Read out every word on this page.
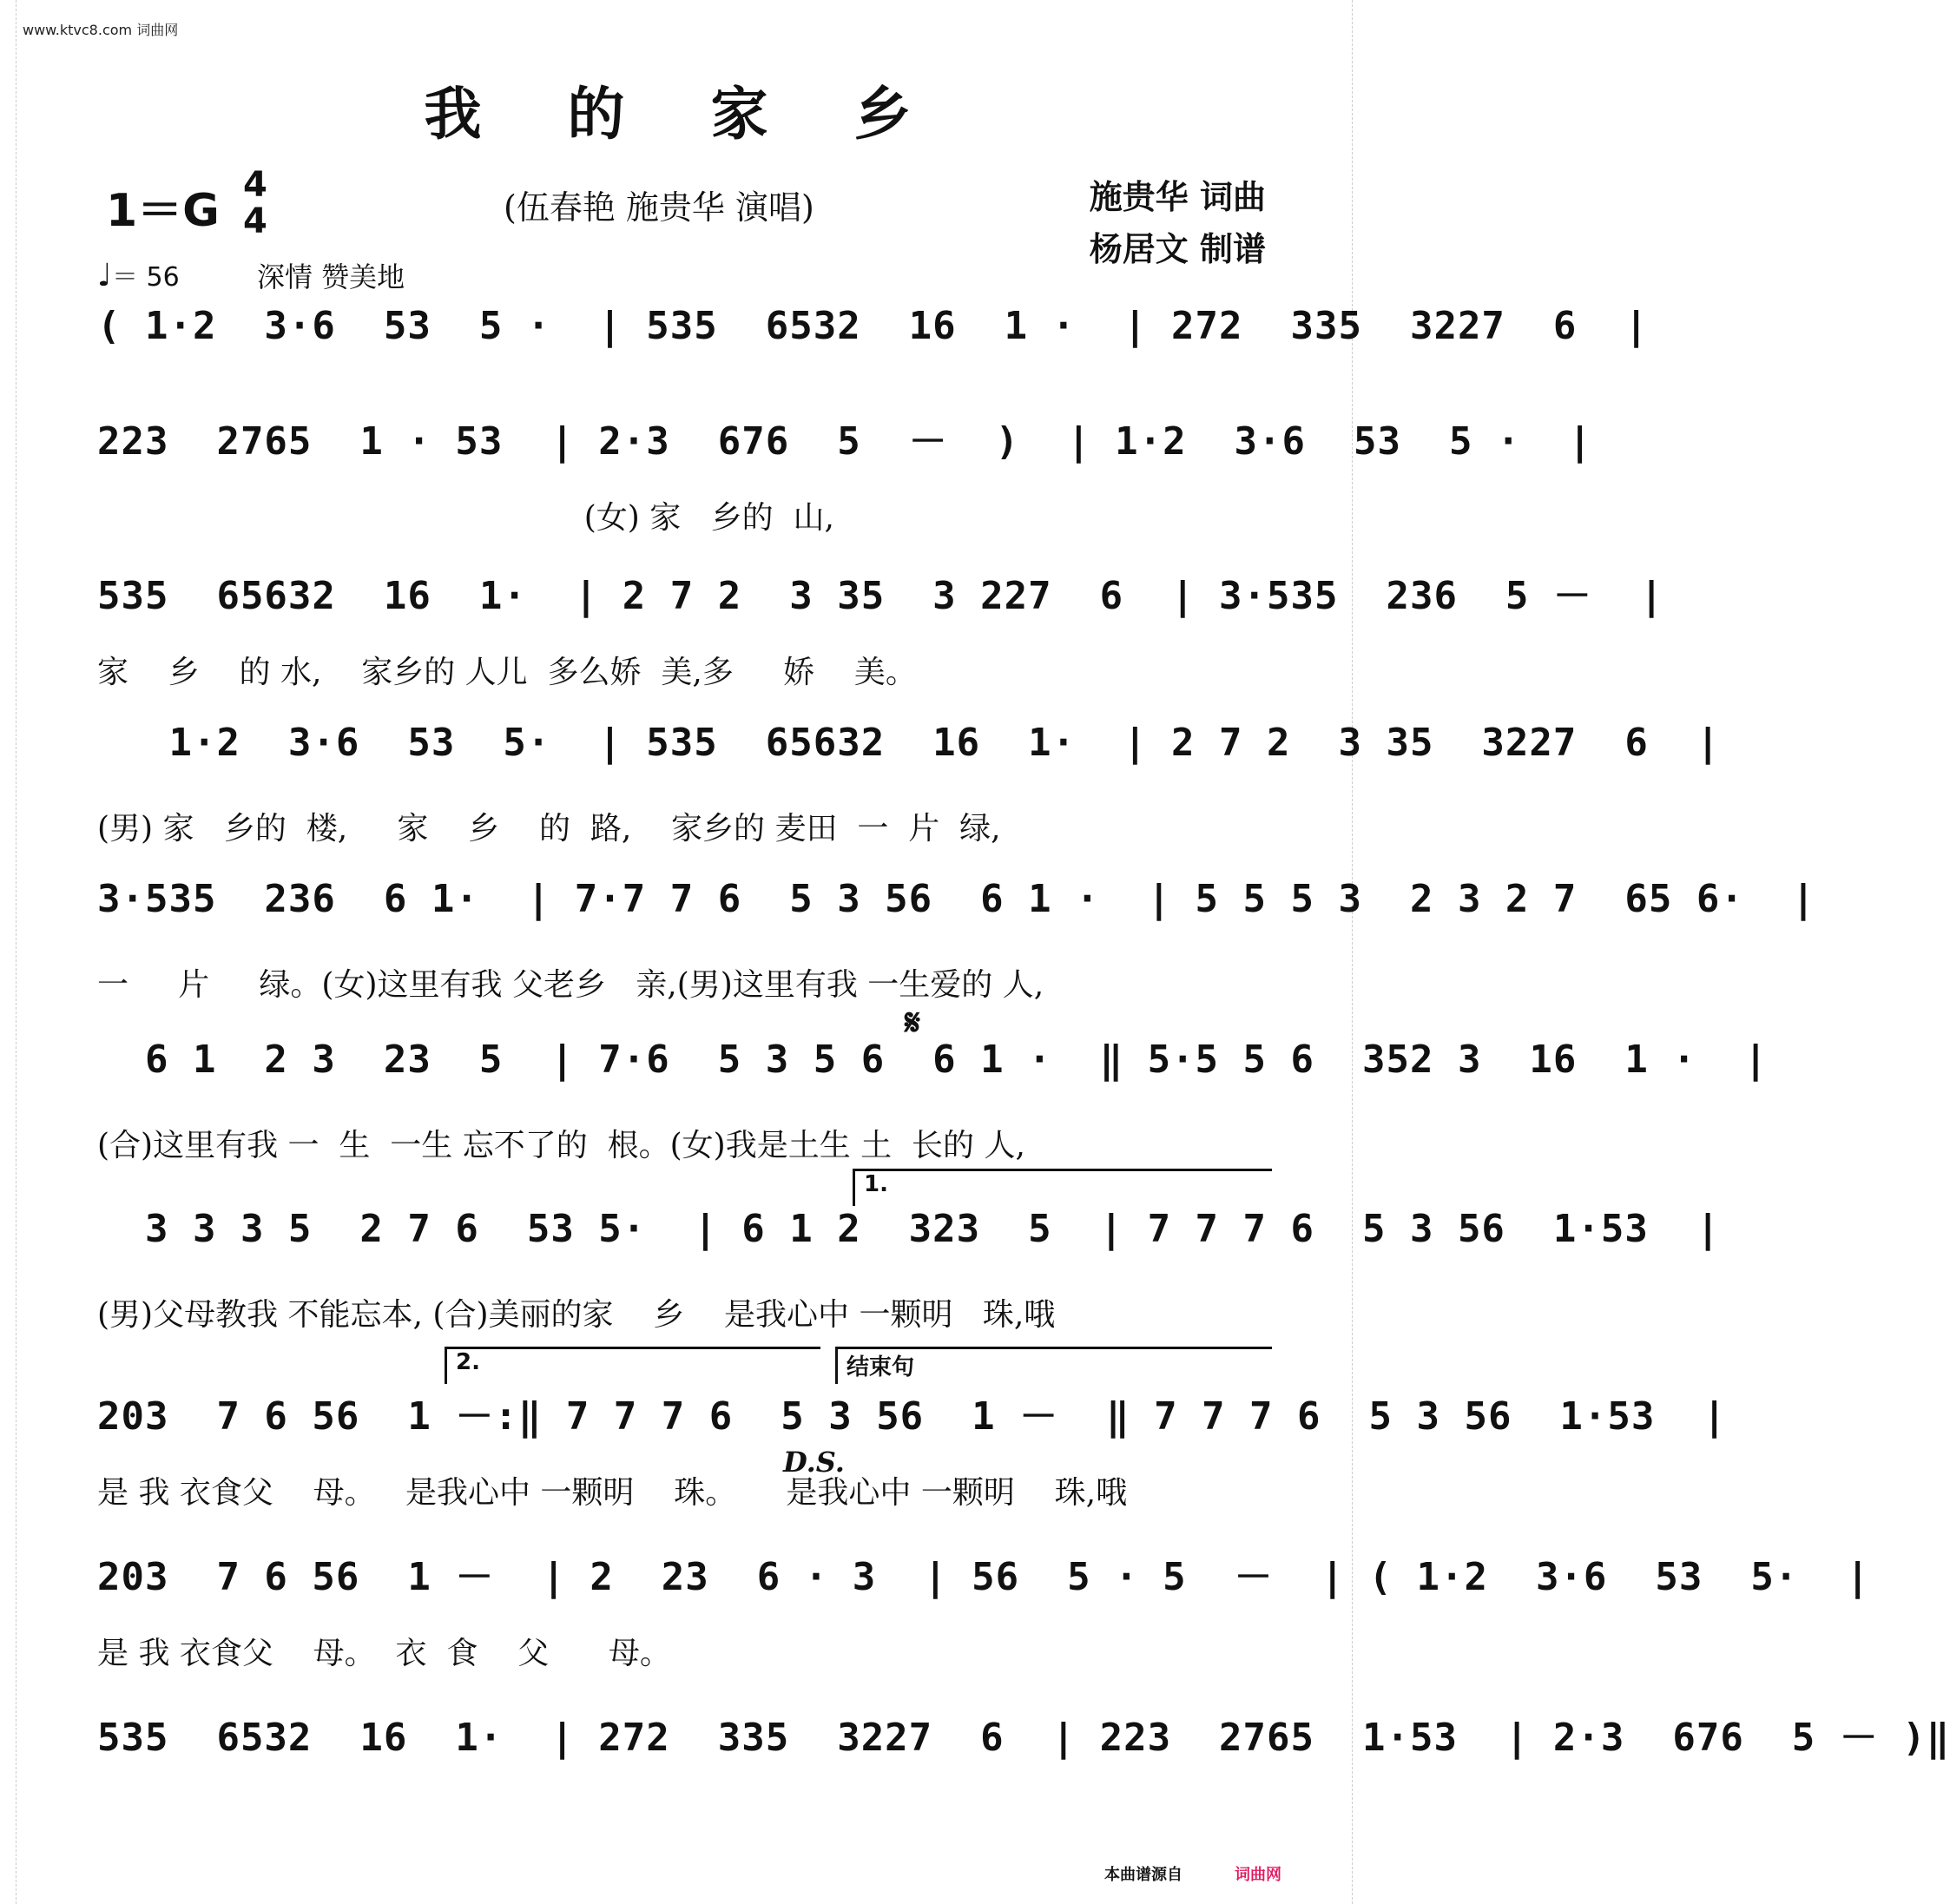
www.ktvc8.com 词曲网
我 的 家 乡
1＝G 4
4	(伍春艳 施贵华 演唱)	施贵华 词曲
杨居文 制谱
♩＝ 56	深情 赞美地
( 1·2  3·6  53  5 ·  | 535  6532  16  1 ·  | 272  335  3227  6  |
223  2765  1 · 53  | 2·3  676  5  －  )  | 1·2  3·6  53  5 ·  |
(女) 家   乡的  山,
535  65632  16  1·  | 2 7 2  3 35  3 227  6  | 3·535  236  5 －  |
家    乡    的 水,    家乡的 人儿  多么娇  美,多     娇    美。
1·2  3·6  53  5·  | 535  65632  16  1·  | 2 7 2  3 35  3227  6  |
(男) 家   乡的  楼,     家    乡    的  路,    家乡的 麦田  一  片  绿,
3·535  236  6 1·  | 7·7 7 6  5 3 56  6 1 ·  | 5 5 5 3  2 3 2 7  65 6·  |
一     片     绿。(女)这里有我 父老乡   亲,(男)这里有我 一生爱的 人,
6 1  2 3  23  5  | 7·6  5 3 5 6  6 1 ·  ‖ 5·5 5 6  352 3  16  1 ·  |
(合)这里有我 一  生  一生 忘不了的  根。(女)我是土生 土  长的 人,
𝄋
3 3 3 5  2 7 6  53 5·  | 6 1 2  323  5  | 7 7 7 6  5 3 56  1·53  |
(男)父母教我 不能忘本, (合)美丽的家    乡    是我心中 一颗明   珠,哦
1.
203  7 6 56  1 －:‖ 7 7 7 6  5 3 56  1 －  ‖ 7 7 7 6  5 3 56  1·53  |
是 我 衣食父    母。   是我心中 一颗明    珠。     是我心中 一颗明    珠,哦
2.	结束句
D.S.
203  7 6 56  1 －  | 2  23  6 · 3  | 56  5 · 5  －  | ( 1·2  3·6  53  5·  |
是 我 衣食父    母。  衣  食    父      母。
535  6532  16  1·  | 272  335  3227  6  | 223  2765  1·53  | 2·3  676  5 － )‖
本曲谱源自	词曲网
